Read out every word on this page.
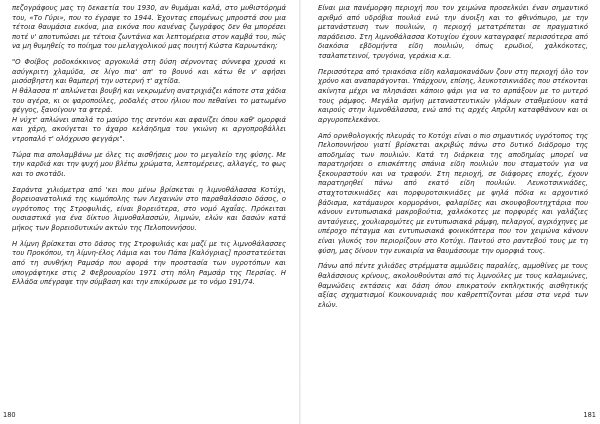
πεζογράφους μας τη δεκαετία του 1930, αν θυμάμαι καλά, στο μυθιστόρημά του, «Το Γύρι», που το έγραψε το 1944. Έχοντας επομένως μπροστά σου μια τέτοια θαυμάσια εικόνα, μια εικόνα που κανένας ζωγράφος δεν θα μπορέσει ποτέ ν' αποτυπώσει με τέτοια ζωντάνια και λεπτομέρεια στον καμβά του, πώς να μη θυμηθείς το ποίημα του μελαγχολικού μας ποιητή Κώστα Καρυωτάκη;

"Ο Φοίβος ροδοκόκκινος αργοκυλά στη δύση σέρνοντας σύννεφα χρυσά κι ασύγκριτη χλαμύδα, σε λίγο πια' απ' το βουνό και κάτω θε ν' αφήσει μισόσβηστη και θαμπερή την υστερνή τ' αχτίδα.
Η θάλασσα π' απλώνεται βουβή και νεκρωμένη ανατριχιάζει κάποτε στα χάδια του αγέρα, κι οι ψαροπούλες, ροδαλές στου ήλιου που πεθαίνει το ματωμένο φέγγος, ξανοίγουν τα φτερά.
Η νύχτ' απλώνει απαλά το μαύρο της σεντόνι και αφανίζει όπου καθ' ομορφιά και χάρη, ακούγεται το άχαρο κελάηδημα του γκιώνη κι αργοπροβάλλει ντροπαλό τ' ολόχρυσο φεγγάρι".

Τώρα πια απολαμβάνω με όλες τις αισθήσεις μου το μεγαλείο της φύσης. Με την καρδιά και την ψυχή μου βλέπω χρώματα, λεπτομέρειες, αλλαγές, το φως και το σκοτάδι.

Σαράντα χιλιόμετρα από 'κει που μένω βρίσκεται η λιμνοθάλασσα Κοτύχι, βορειοανατολικά της κωμόπολης των Λεχαινών στο παραθαλάσσιο δάσος, ο υγρότοπος της Στροφυλιάς, είναι βορειότερα, στο νομό Αχαΐας. Πρόκειται ουσιαστικά για ένα δίκτυο λιμνοθαλασσών, λιμνών, ελών και δασών κατά μήκος των βορειοδυτικών ακτών της Πελοποννήσου.

Η λίμνη βρίσκεται στο δάσος της Στροφυλιάς και μαζί με τις λιμνοθάλασσες του Προκόπου, τη λίμνη-έλος Λάμια και του Πάπα [Καλόγριας] προστατεύεται από τη συνθήκη Ραμσάρ που αφορά την προστασία των υγροτόπων και υπογράφτηκε στις 2 Φεβρουαρίου 1971 στη πόλη Ραμσάρ της Περσίας. Η Ελλάδα υπέγραψε την σύμβαση και την επικύρωσε με το νόμο 191/74.

180

Είναι μια πανέμορφη περιοχή που τον χειμώνα προσελκύει έναν σημαντικό αριθμό από υδρόβια πουλιά ενώ την άνοιξη και το φθινόπωρο, με την μετανάστευση των πουλιών, η περιοχή μετατρέπεται σε πραγματικό παράδεισο. Στη λιμνοθάλασσα Κοτυχίου έχουν καταγραφεί περισσότερα από διακόσια εβδομήντα είδη πουλιών, όπως ερωδιοί, χαλκόκοτες, τσαλαπετεινοί, τρυγόνια, γεράκια κ.α.

Περισσότερα από τριακόσια είδη καλαμοκανάδων ζουν στη περιοχή όλο τον χρόνο και αναπαράγονται. Υπάρχουν, επίσης, λευκοτσικνιάδες που στέκονται ακίνητα μέχρι να πλησιάσει κάποιο ψάρι για να το αρπάξουν με το μυτερό τους ράμφος. Μεγάλα σμήνη μεταναστευτικών γλάρων σταθμεύουν κατά καιρούς στην λιμνοθάλασσα, ενώ από τις αρχές Απρίλη καταφθάνουν και οι αργυροπελεκάνοι.

Από ορνιθολογικής πλευράς το Κοτύχι είναι ο πιο σημαντικός υγρότοπος της Πελοποννήσου γιατί βρίσκεται ακριβώς πάνω στο δυτικό διάδρομο της αποδημίας των πουλιών. Κατά τη διάρκεια της αποδημίας μπορεί να παρατηρήσει ο επισκέπτης σπάνια είδη πουλιών που σταματούν για να ξεκουραστούν και να τραφούν. Στη περιοχή, σε διάφορες εποχές, έχουν παρατηρηθεί πάνω από εκατό είδη πουλιών. Λευκοτσικνιάδες, σταχτοτσικνιάδες και πορφυροτσικνιάδες με ψηλά πόδια κι αρχοντικό βάδισμα, κατάμαυροι κορμοράνοι, φαλαρίδες και σκουφοβουτηχτάρια που κάνουν εντυπωσιακά μακροβούτια, χαλκόκοτες με πορφυρές και γαλάζιες ανταύγειες, χουλιαρομύτες με εντυπωσιακά ράμφη, πελαργοί, αγριόχηνες με υπέροχο πέταγμα και εντυπωσιακά φοινικόπτερα που τον χειμώνα κάνουν είναι γλυκός τον περιορίζουν στο Κοτύχι. Παντού στο ραντεβού τους με τη φύση, μας δίνουν την ευκαιρία να θαυμάσουμε την ομορφιά τους.

Πάνω από πέντε χιλιάδες στρέμματα αμμώδεις παραλίες, αμμοθίνες με τους θαλάσσιους κρίνους, ακολουθούνται από τις λιμνούλες με τους καλαμιώνες, θαμνώδεις εκτάσεις και δάση όπου επικρατούν εκπληκτικής αισθητικής αξίας σχηματισμοί Κουκουναριάς που καθρεπτίζονται μέσα στα νερά των ελών.

181
